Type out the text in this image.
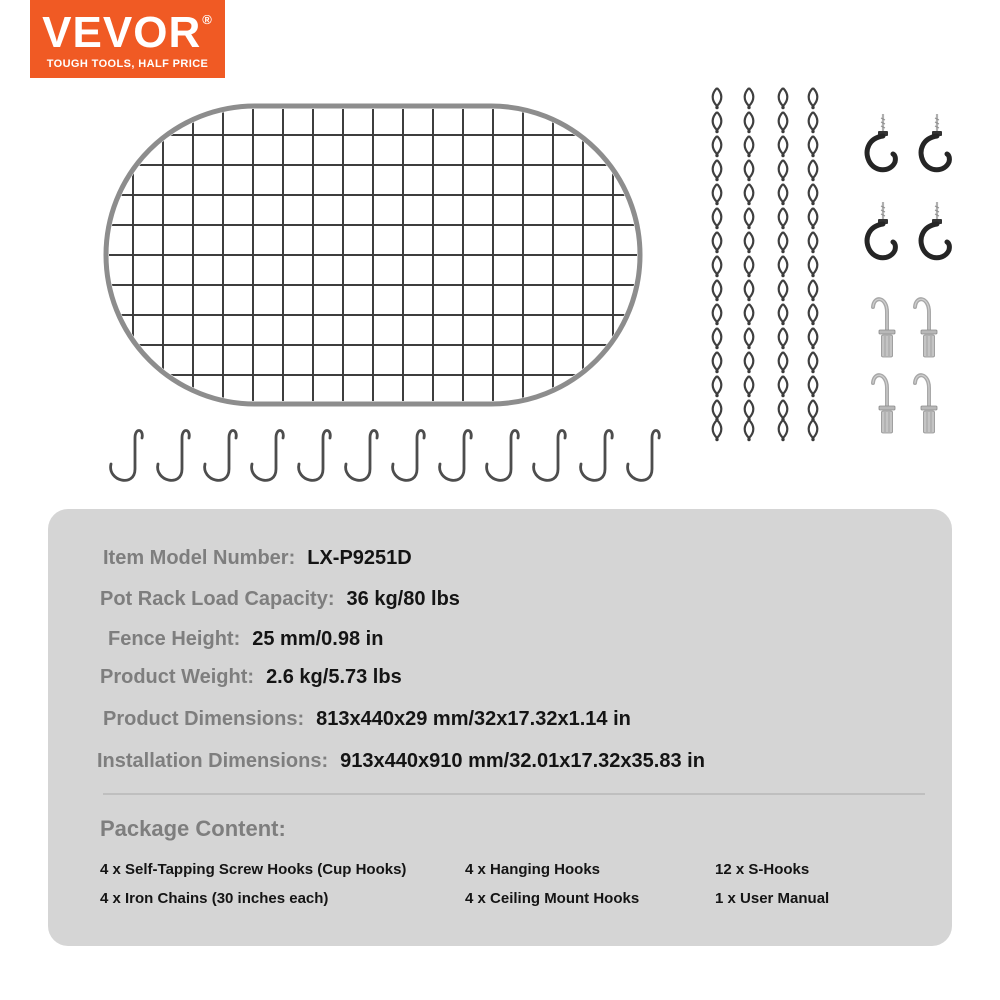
VEVOR®
TOUGH TOOLS, HALF PRICE
Item Model Number: LX-P9251D
Pot Rack Load Capacity: 36 kg/80 lbs
Fence Height: 25 mm/0.98 in
Product Weight: 2.6 kg/5.73 lbs
Product Dimensions: 813x440x29 mm/32x17.32x1.14 in
Installation Dimensions: 913x440x910 mm/32.01x17.32x35.83 in
Package Content:
4 x Self-Tapping Screw Hooks (Cup Hooks)
4 x Iron Chains (30 inches each)
4 x Hanging Hooks
4 x Ceiling Mount Hooks
12 x S-Hooks
1 x User Manual
